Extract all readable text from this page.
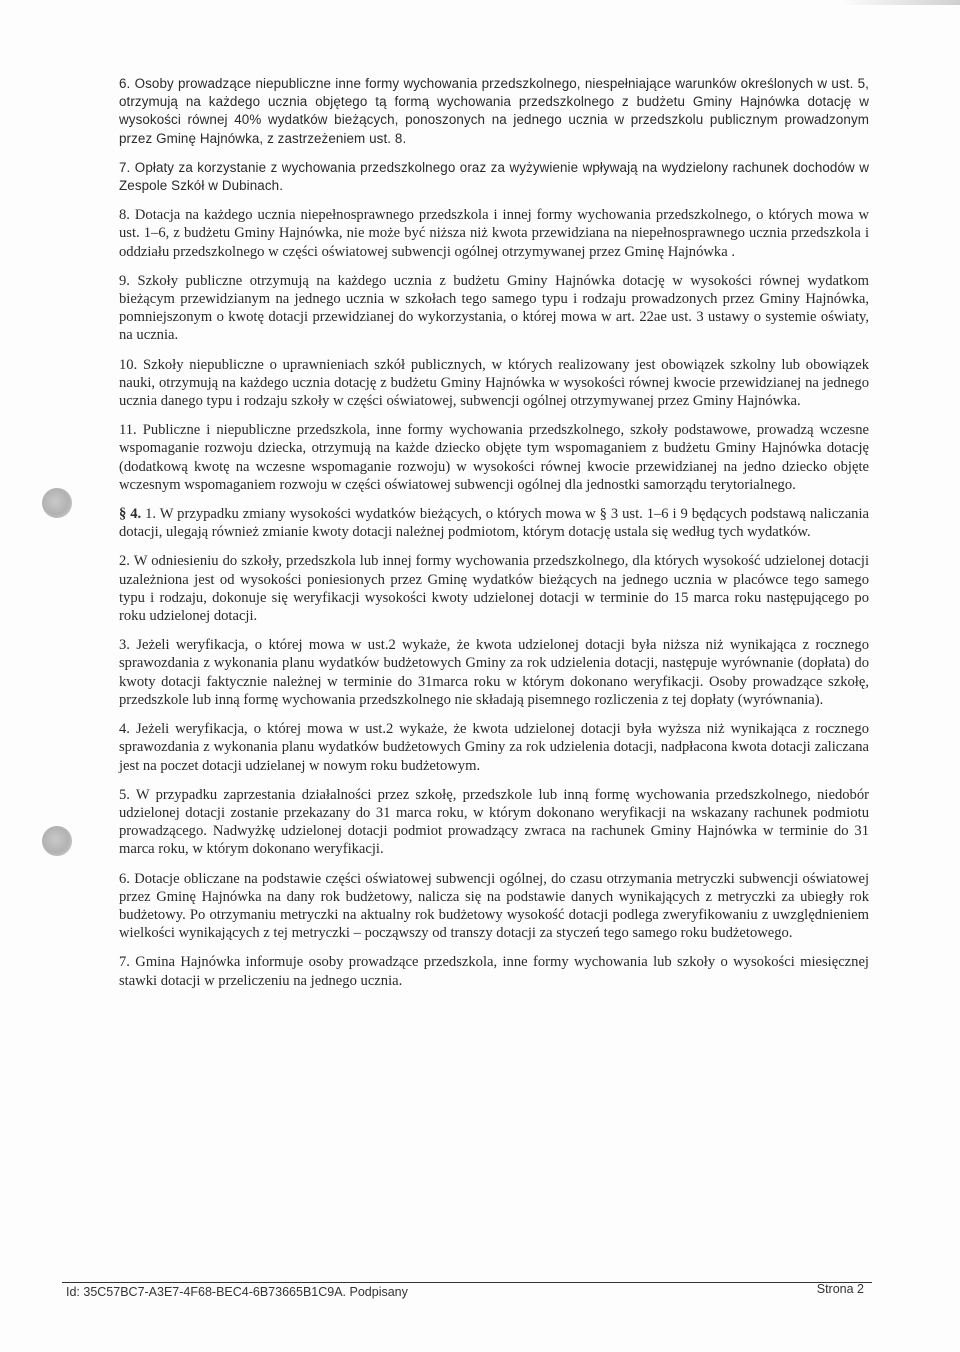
6. Osoby prowadzące niepubliczne inne formy wychowania przedszkolnego, niespełniające warunków określonych w ust. 5, otrzymują na każdego ucznia objętego tą formą wychowania przedszkolnego z budżetu Gminy Hajnówka dotację w wysokości równej 40% wydatków bieżących, ponoszonych na jednego ucznia w przedszkolu publicznym prowadzonym przez Gminę Hajnówka, z zastrzeżeniem ust. 8.

7. Opłaty za korzystanie z wychowania przedszkolnego oraz za wyżywienie wpływają na wydzielony rachunek dochodów w Zespole Szkół w Dubinach.

8. Dotacja na każdego ucznia niepełnosprawnego przedszkola i innej formy wychowania przedszkolnego, o których mowa w ust. 1–6, z budżetu Gminy Hajnówka, nie może być niższa niż kwota przewidziana na niepełnosprawnego ucznia przedszkola i oddziału przedszkolnego w części oświatowej subwencji ogólnej otrzymywanej przez Gminę Hajnówka .

9. Szkoły publiczne otrzymują na każdego ucznia z budżetu Gminy Hajnówka dotację w wysokości równej wydatkom bieżącym przewidzianym na jednego ucznia w szkołach tego samego typu i rodzaju prowadzonych przez Gminy Hajnówka, pomniejszonym o kwotę dotacji przewidzianej do wykorzystania, o której mowa w art. 22ae ust. 3 ustawy o systemie oświaty, na ucznia.

10. Szkoły niepubliczne o uprawnieniach szkół publicznych, w których realizowany jest obowiązek szkolny lub obowiązek nauki, otrzymują na każdego ucznia dotację z budżetu Gminy Hajnówka w wysokości równej kwocie przewidzianej na jednego ucznia danego typu i rodzaju szkoły w części oświatowej, subwencji ogólnej otrzymywanej przez Gminy Hajnówka.

11. Publiczne i niepubliczne przedszkola, inne formy wychowania przedszkolnego, szkoły podstawowe, prowadzą wczesne wspomaganie rozwoju dziecka, otrzymują na każde dziecko objęte tym wspomaganiem z budżetu Gminy Hajnówka dotację (dodatkową kwotę na wczesne wspomaganie rozwoju) w wysokości równej kwocie przewidzianej na jedno dziecko objęte wczesnym wspomaganiem rozwoju w części oświatowej subwencji ogólnej dla jednostki samorządu terytorialnego.

§ 4. 1. W przypadku zmiany wysokości wydatków bieżących, o których mowa w § 3 ust. 1–6 i 9 będących podstawą naliczania dotacji, ulegają również zmianie kwoty dotacji należnej podmiotom, którym dotację ustala się według tych wydatków.

2. W odniesieniu do szkoły, przedszkola lub innej formy wychowania przedszkolnego, dla których wysokość udzielonej dotacji uzależniona jest od wysokości poniesionych przez Gminę wydatków bieżących na jednego ucznia w placówce tego samego typu i rodzaju, dokonuje się weryfikacji wysokości kwoty udzielonej dotacji w terminie do 15 marca roku następującego po roku udzielonej dotacji.

3. Jeżeli weryfikacja, o której mowa w ust.2 wykaże, że kwota udzielonej dotacji była niższa niż wynikająca z rocznego sprawozdania z wykonania planu wydatków budżetowych Gminy za rok udzielenia dotacji, następuje wyrównanie (dopłata) do kwoty dotacji faktycznie należnej w terminie do 31marca roku w którym dokonano weryfikacji. Osoby prowadzące szkołę, przedszkole lub inną formę wychowania przedszkolnego nie składają pisemnego rozliczenia z tej dopłaty (wyrównania).

4. Jeżeli weryfikacja, o której mowa w ust.2 wykaże, że kwota udzielonej dotacji była wyższa niż wynikająca z rocznego sprawozdania z wykonania planu wydatków budżetowych Gminy za rok udzielenia dotacji, nadpłacona kwota dotacji zaliczana jest na poczet dotacji udzielanej w nowym roku budżetowym.

5. W przypadku zaprzestania działalności przez szkołę, przedszkole lub inną formę wychowania przedszkolnego, niedobór udzielonej dotacji zostanie przekazany do 31 marca roku, w którym dokonano weryfikacji na wskazany rachunek podmiotu prowadzącego. Nadwyżkę udzielonej dotacji podmiot prowadzący zwraca na rachunek Gminy Hajnówka w terminie do 31 marca roku, w którym dokonano weryfikacji.

6. Dotacje obliczane na podstawie części oświatowej subwencji ogólnej, do czasu otrzymania metryczki subwencji oświatowej przez Gminę Hajnówka na dany rok budżetowy, nalicza się na podstawie danych wynikających z metryczki za ubiegły rok budżetowy. Po otrzymaniu metryczki na aktualny rok budżetowy wysokość dotacji podlega zweryfikowaniu z uwzględnieniem wielkości wynikających z tej metryczki – począwszy od transzy dotacji za styczeń tego samego roku budżetowego.

7. Gmina Hajnówka informuje osoby prowadzące przedszkola, inne formy wychowania lub szkoły o wysokości miesięcznej stawki dotacji w przeliczeniu na jednego ucznia.

Id: 35C57BC7-A3E7-4F68-BEC4-6B73665B1C9A. Podpisany	Strona 2
